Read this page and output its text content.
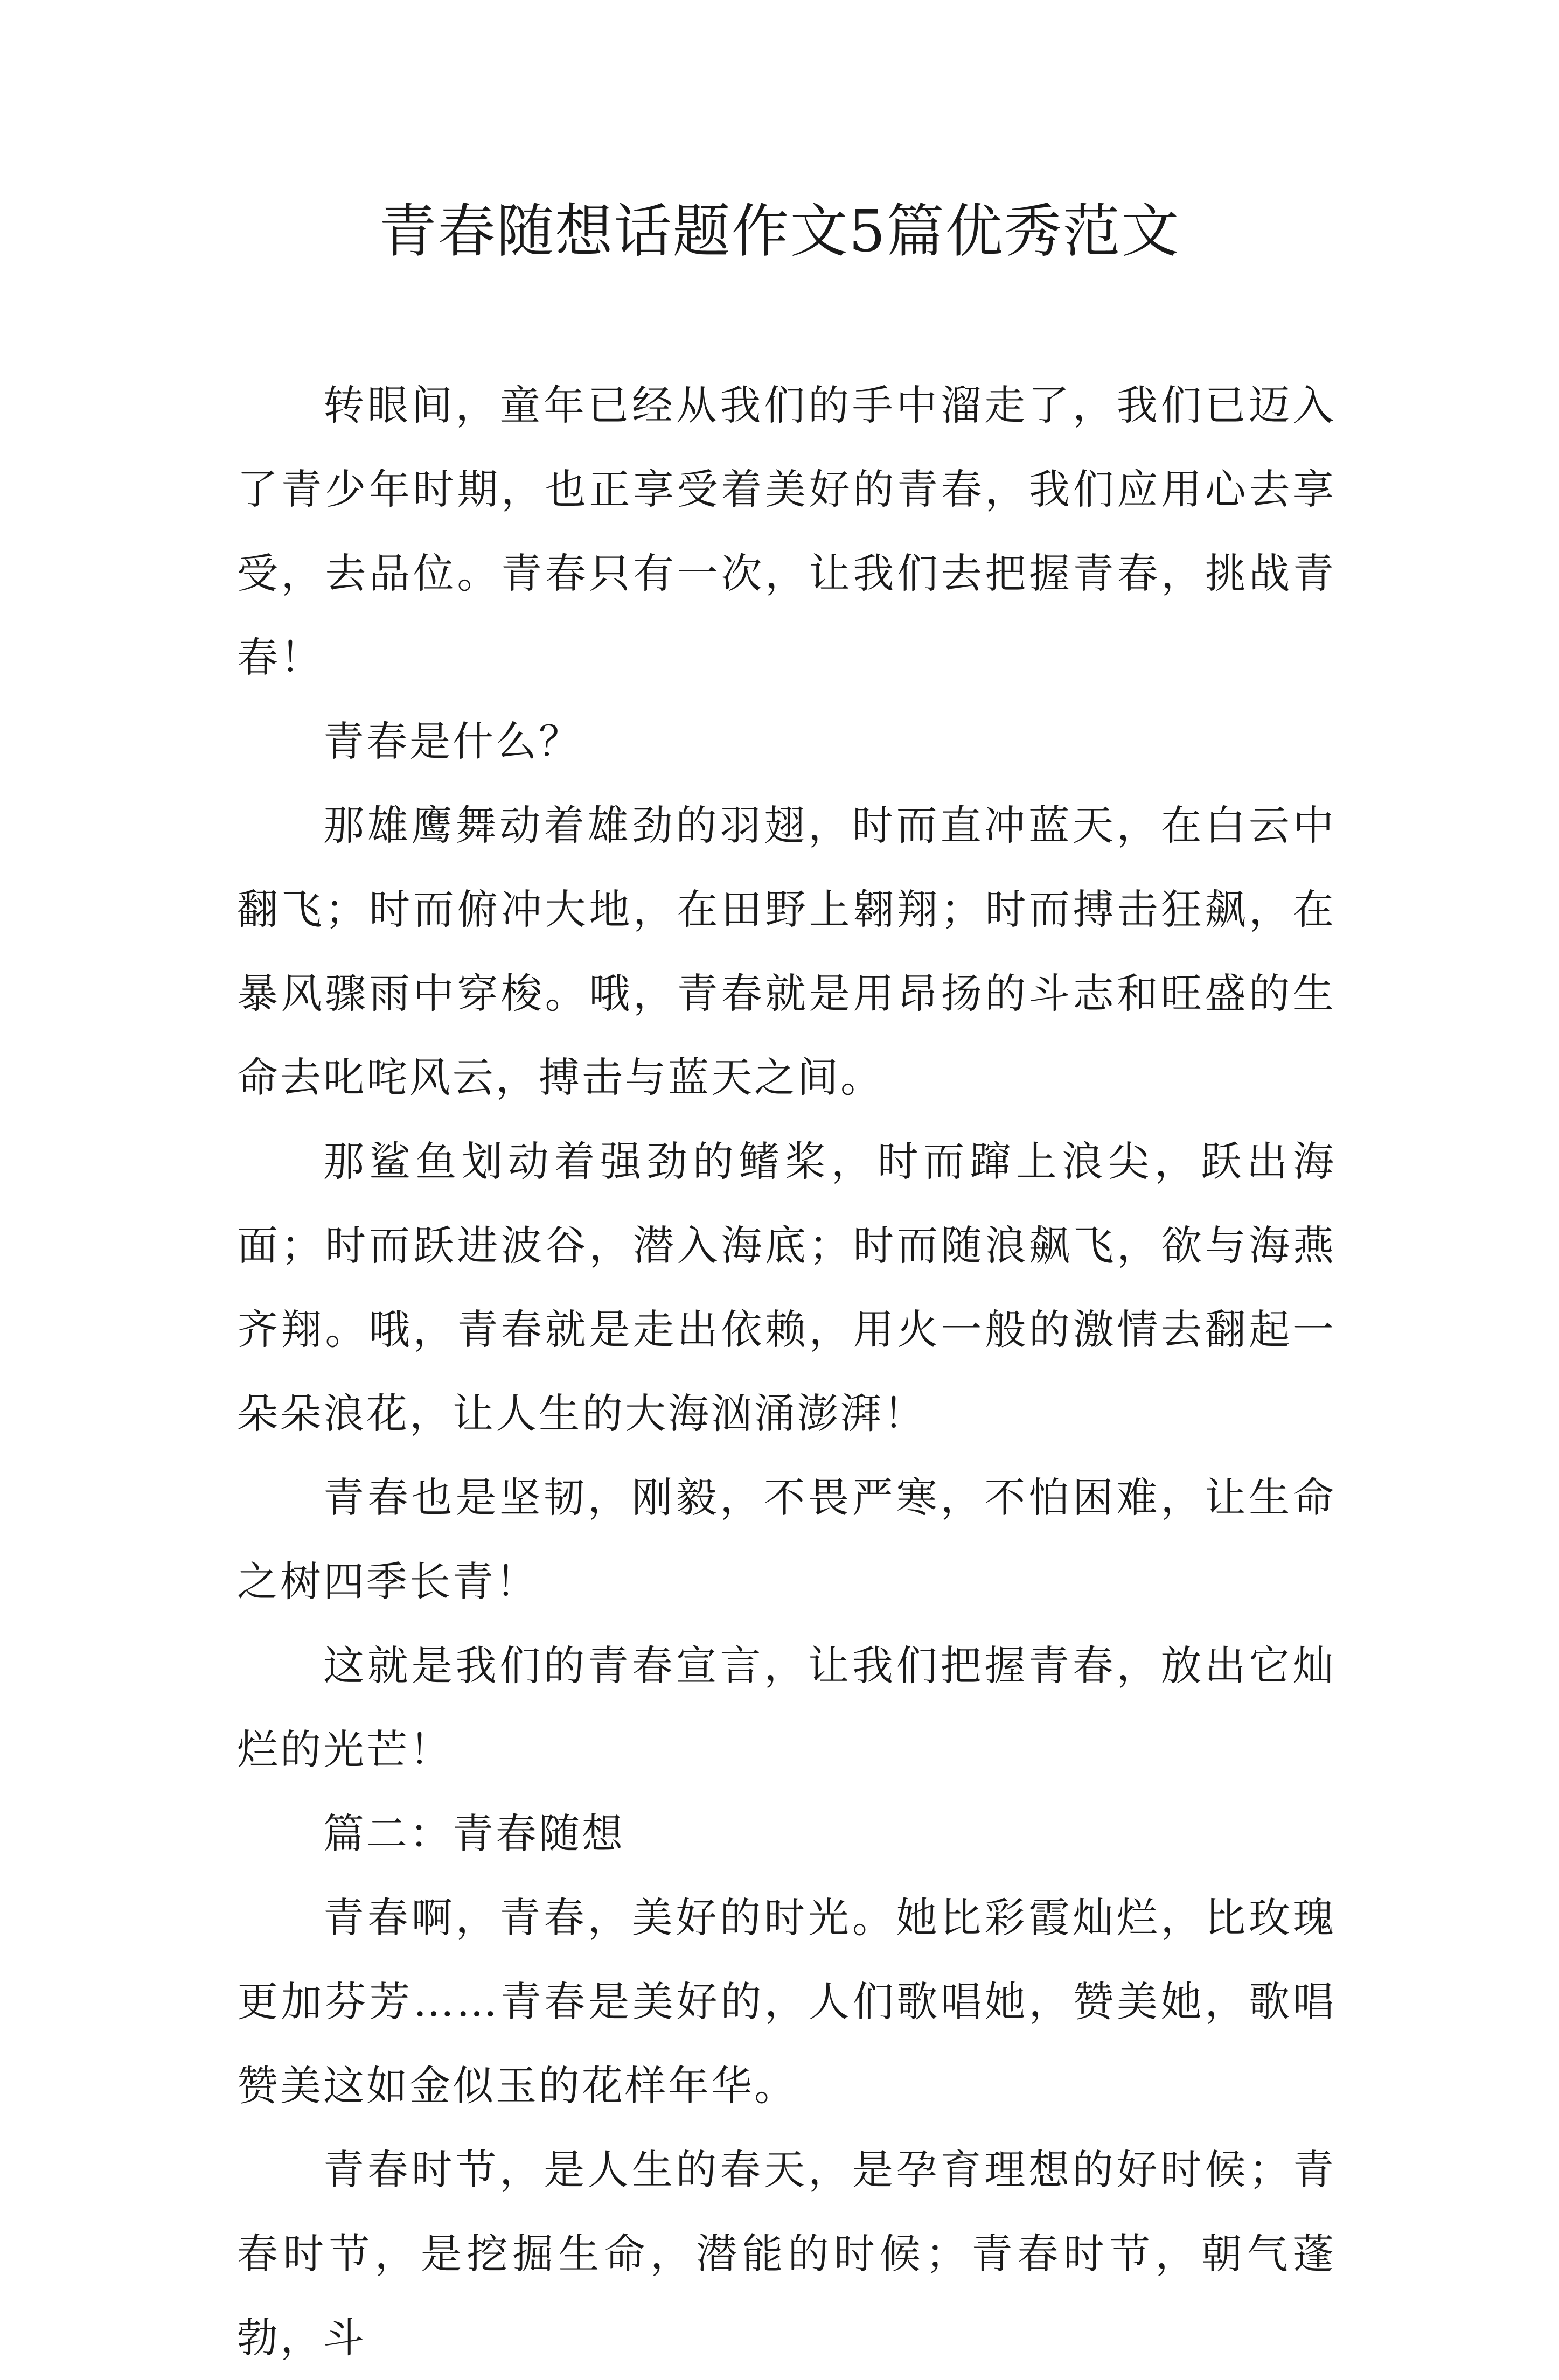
青春随想话题作文5篇优秀范文

转眼间，童年已经从我们的手中溜走了，我们已迈入了青少年时期，也正享受着美好的青春，我们应用心去享受，去品位。青春只有一次，让我们去把握青春，挑战青春！

青春是什么？

那雄鹰舞动着雄劲的羽翅，时而直冲蓝天，在白云中翻飞；时而俯冲大地，在田野上翱翔；时而搏击狂飙，在暴风骤雨中穿梭。哦，青春就是用昂扬的斗志和旺盛的生命去叱咤风云，搏击与蓝天之间。

那鲨鱼划动着强劲的鳍桨，时而蹿上浪尖，跃出海面；时而跃进波谷，潜入海底；时而随浪飙飞，欲与海燕齐翔。哦，青春就是走出依赖，用火一般的激情去翻起一朵朵浪花，让人生的大海汹涌澎湃！

青春也是坚韧，刚毅，不畏严寒，不怕困难，让生命之树四季长青！

这就是我们的青春宣言，让我们把握青春，放出它灿烂的光芒！

篇二：青春随想

青春啊，青春，美好的时光。她比彩霞灿烂，比玫瑰更加芬芳……青春是美好的，人们歌唱她，赞美她，歌唱赞美这如金似玉的花样年华。

青春时节，是人生的春天，是孕育理想的好时候；青春时节，是挖掘生命，潜能的时候；青春时节，朝气蓬勃，斗
